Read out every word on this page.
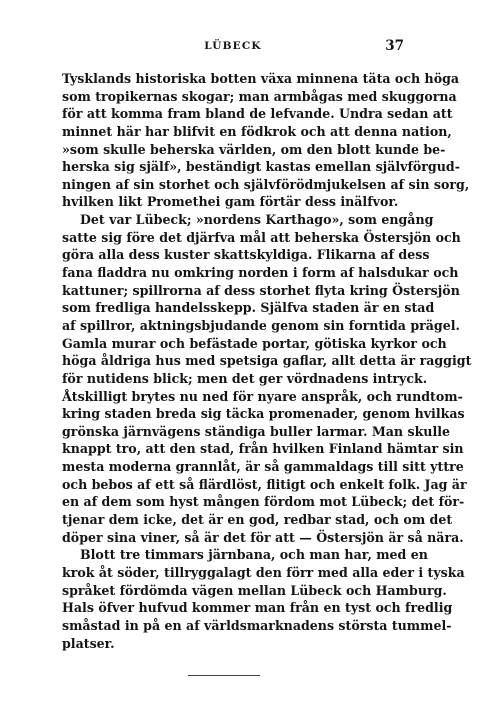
LÜBECK	37
Tysklands historiska botten växa minnena täta och höga
som tropikernas skogar; man armbågas med skuggorna
för att komma fram bland de lefvande. Undra sedan att
minnet här har blifvit en födkrok och att denna nation,
»som skulle beherska världen, om den blott kunde be-
herska sig själf», beständigt kastas emellan självförgud-
ningen af sin storhet och självförödmjukelsen af sin sorg,
hvilken likt Promethei gam förtär dess inälfvor.
Det var Lübeck; »nordens Karthago», som engång
satte sig före det djärfva mål att beherska Östersjön och
göra alla dess kuster skattskyldiga. Flikarna af dess
fana fladdra nu omkring norden i form af halsdukar och
kattuner; spillrorna af dess storhet flyta kring Östersjön
som fredliga handelsskepp. Själfva staden är en stad
af spillror, aktningsbjudande genom sin forntida prägel.
Gamla murar och befästade portar, götiska kyrkor och
höga åldriga hus med spetsiga gaflar, allt detta är raggigt
för nutidens blick; men det ger vördnadens intryck.
Åtskilligt brytes nu ned för nyare anspråk, och rundtom-
kring staden breda sig täcka promenader, genom hvilkas
grönska järnvägens ständiga buller larmar. Man skulle
knappt tro, att den stad, från hvilken Finland hämtar sin
mesta moderna grannlåt, är så gammaldags till sitt yttre
och bebos af ett så flärdlöst, flitigt och enkelt folk. Jag är
en af dem som hyst mången fördom mot Lübeck; det för-
tjenar dem icke, det är en god, redbar stad, och om det
döper sina viner, så är det för att — Östersjön är så nära.
Blott tre timmars järnbana, och man har, med en
krok åt söder, tillryggalagt den förr med alla eder i tyska
språket fördömda vägen mellan Lübeck och Hamburg.
Hals öfver hufvud kommer man från en tyst och fredlig
småstad in på en af världsmarknadens största tummel-
platser.
